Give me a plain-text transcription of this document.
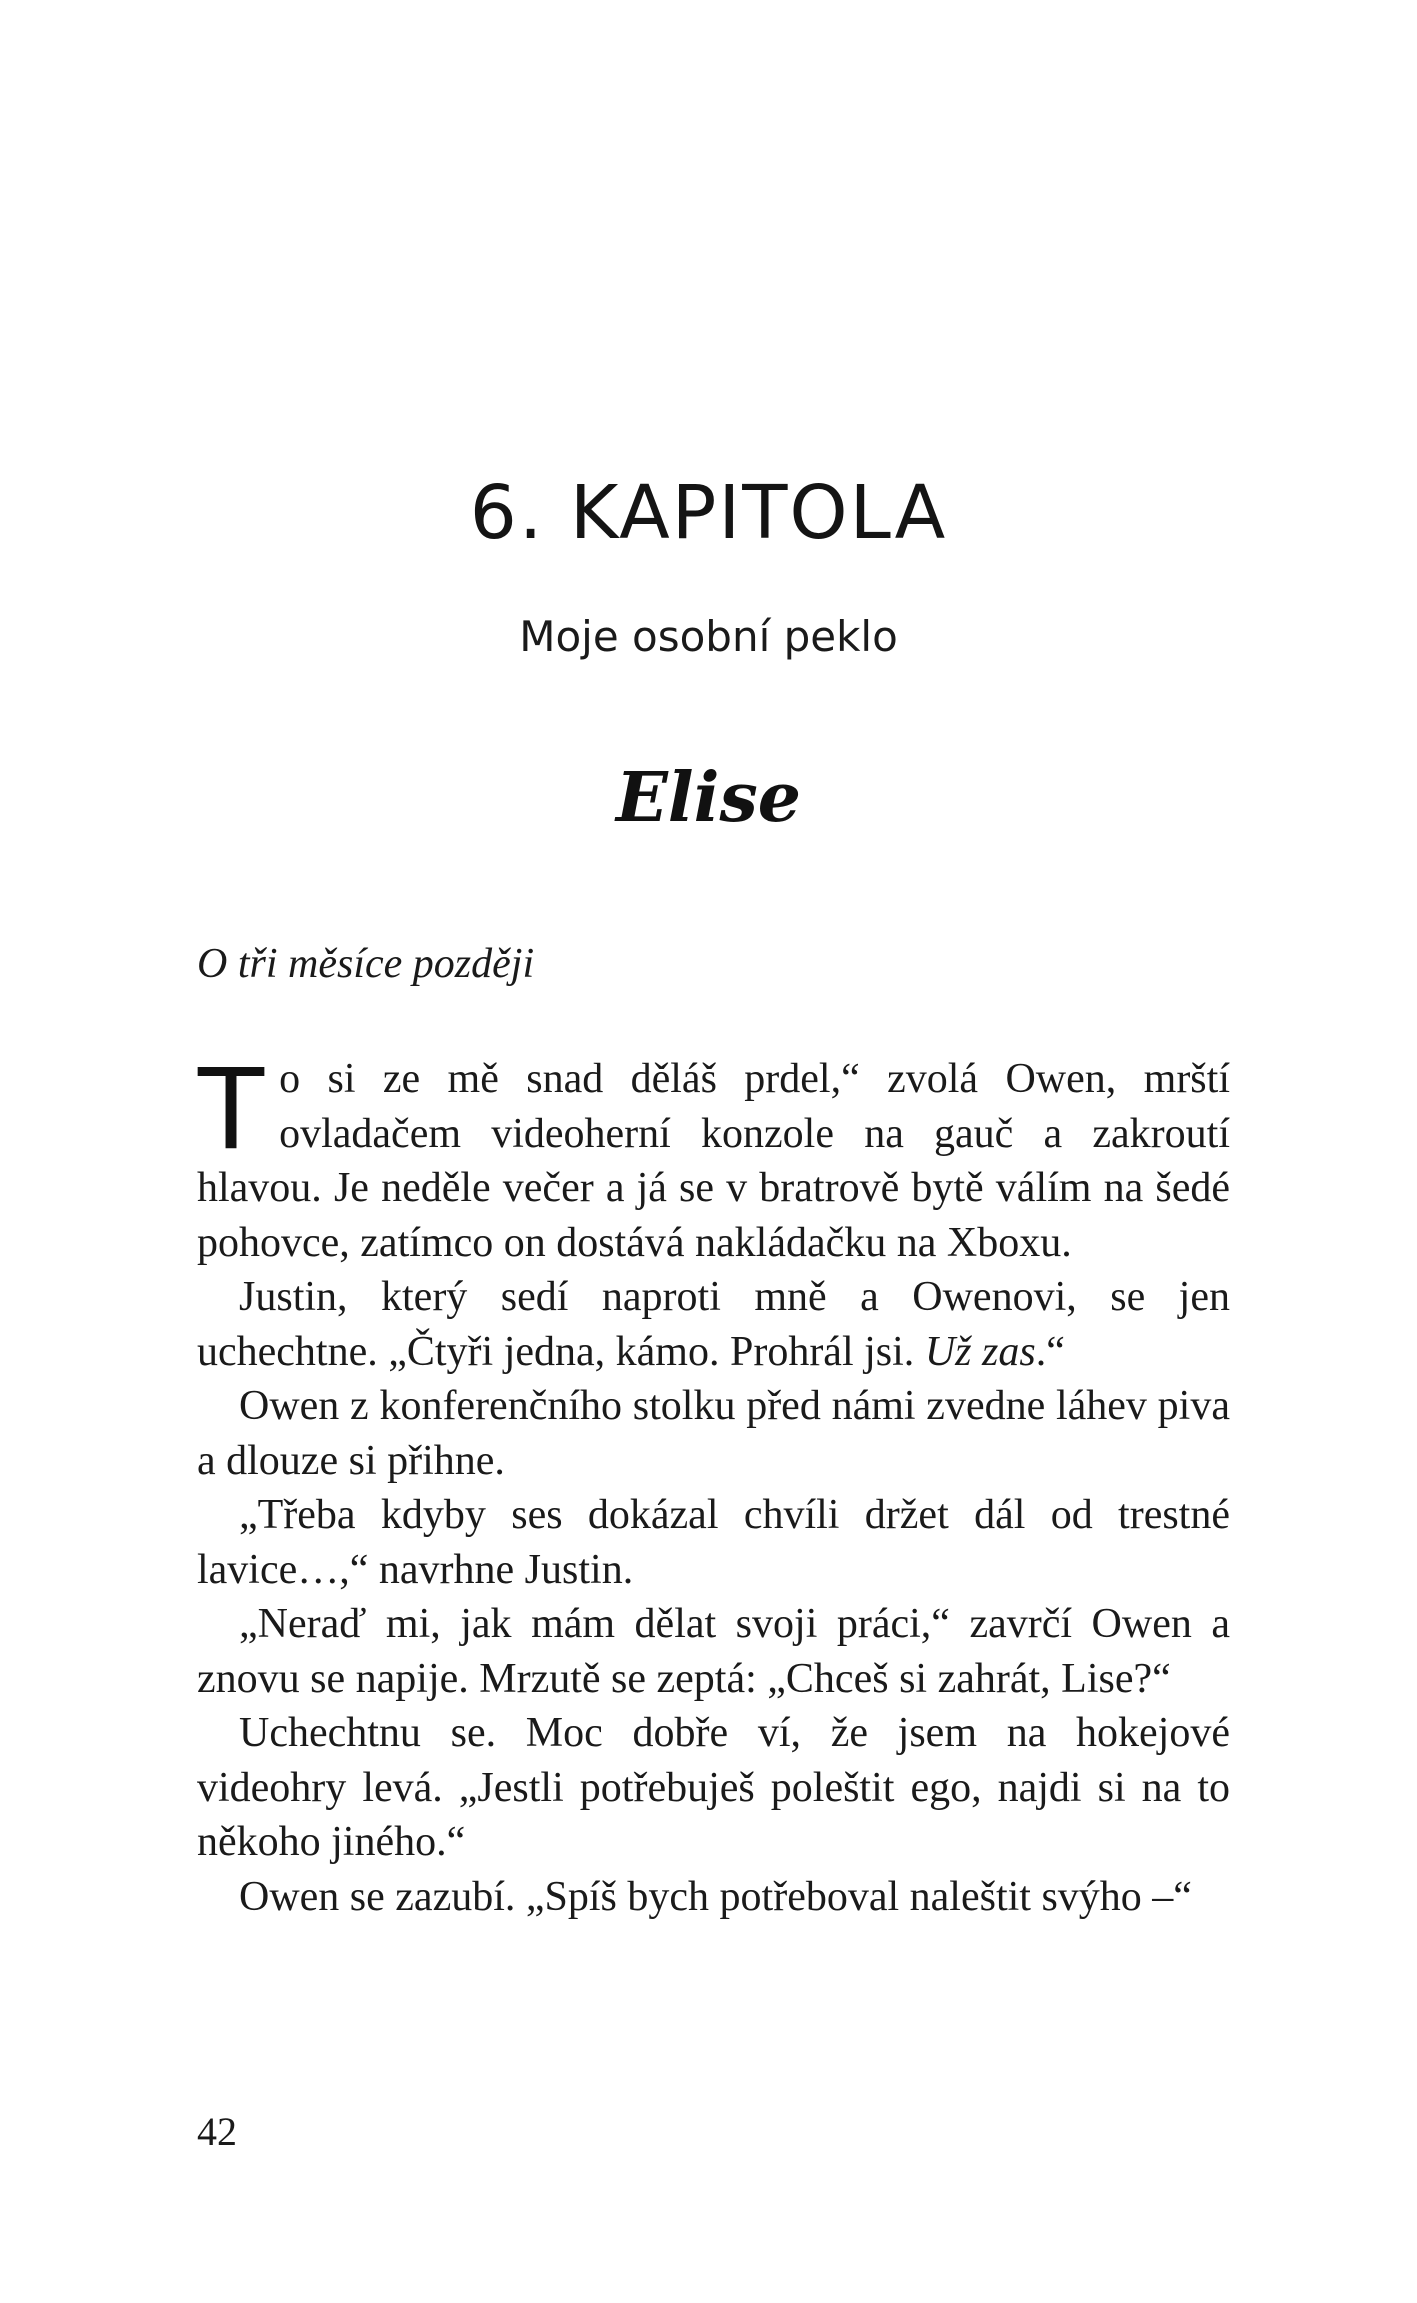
6. KAPITOLA
Moje osobní peklo
Elise
O tři měsíce později

To si ze mě snad děláš prdel,“ zvolá Owen, mrští ovladačem videoherní konzole na gauč a zakroutí hlavou. Je neděle večer a já se v bratrově bytě válím na šedé pohovce, zatímco on dostává nakládačku na Xboxu.

Justin, který sedí naproti mně a Owenovi, se jen uchechtne. „Čtyři jedna, kámo. Prohrál jsi. Už zas.“

Owen z konferenčního stolku před námi zvedne láhev piva a dlouze si přihne.

„Třeba kdyby ses dokázal chvíli držet dál od trestné lavice…,“ navrhne Justin.

„Neraď mi, jak mám dělat svoji práci,“ zavrčí Owen a znovu se napije. Mrzutě se zeptá: „Chceš si zahrát, Lise?“

Uchechtnu se. Moc dobře ví, že jsem na hokejové videohry levá. „Jestli potřebuješ poleštit ego, najdi si na to někoho jiného.“

Owen se zazubí. „Spíš bych potřeboval naleštit svýho –“

42
